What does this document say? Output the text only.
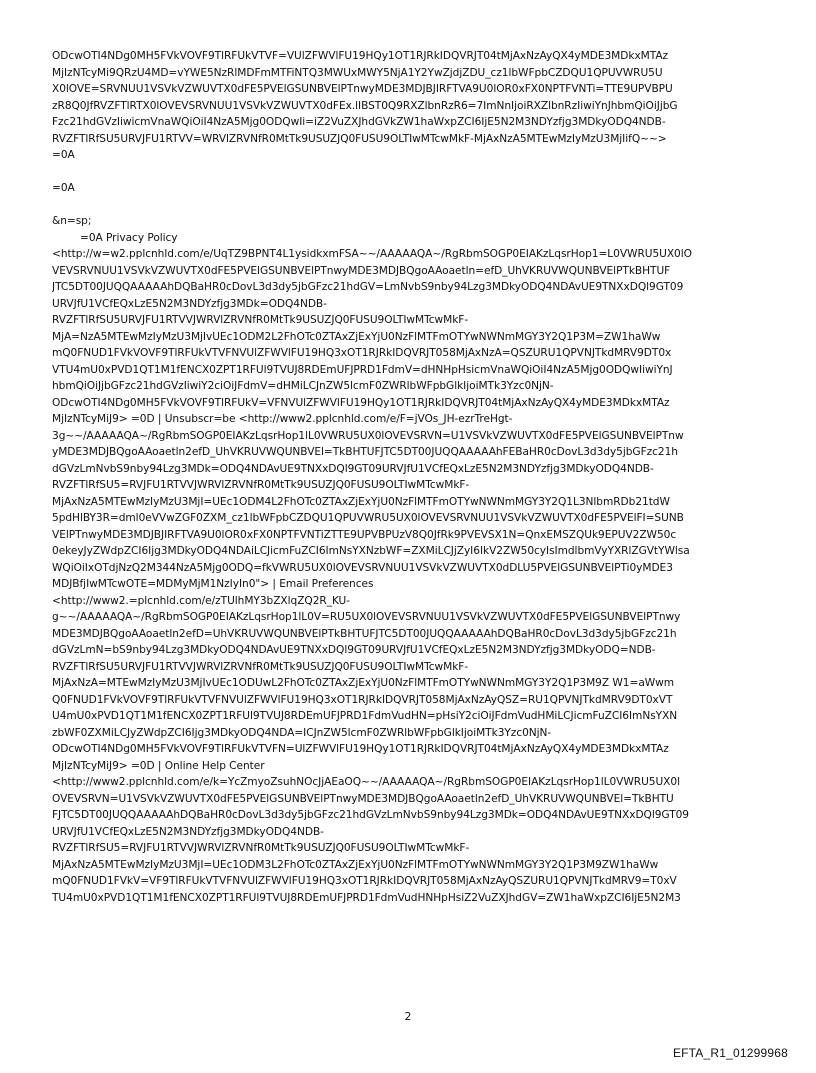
ODcwOTI4NDg0MH5FVkVOVF9TlRFUkVTVF=VUlZFWVlFU19HQy1OT1RJRkIDQVRJT04tMjAxNzAyQX4yMDE3MDkxMTAz
MjIzNTcyMi9QRzU4MD=vYWE5NzRlMDFmMTFiNTQ3MWUxMWY5NjA1Y2YwZjdjZDU_cz1lbWFpbCZDQU1QPUVWRU5U
X0lOVE=SRVNUU1VSVkVZWUVTX0dFE5PVElGSUNBVElPTnwyMDE3MDJBJIRFTVA9U0lOR0xFX0NPTFVNTi=TTE9UPVBPU
zR8Q0JfRVZFTlRTX0lOVEVSRVNUU1VSVkVZWUVTX0dFEx.lIBST0Q9RXZlbnRzR6=7ImNnIjoiRXZlbnRzIiwiYnJhbmQiOiJjbG
Fzc21hdGVzIiwicmVnaWQiOiI4NzA5Mjg0ODQwIi=iZ2VuZXJhdGVkZW1haWxpZCI6IjE5N2M3NDYzfjg3MDkyODQ4NDB-
RVZFTlRfSU5URVJFU1RTVV=WRVlZRVNfR0MtTk9USUZJQ0FUSU9OLTIwMTcwMkF-MjAxNzA5MTEwMzIyMzU3MjIifQ~~>
=0A
=0A
&n=sp;
=0A Privacy Policy
<http://w=w2.pplcnhld.com/e/UqTZ9BPNT4L1ysidkxmFSA~~/AAAAAQA~/RgRbmSOGP0EIAKzLqsrHop1=L0VWRU5UX0lO
VEVSRVNUU1VSVkVZWUVTX0dFE5PVElGSUNBVElPTnwyMDE3MDJBQgoAAoaetln=efD_UhVKRUVWQUNBVElPTkBHTUF
JTC5DT00JUQQAAAAAhDQBaHR0cDovL3d3dy5jbGFzc21hdGV=LmNvbS9nby94Lzg3MDkyODQ4NDAvUE9TNXxDQl9GT09
URVJfU1VCfEQxLzE5N2M3NDYzfjg3MDk=ODQ4NDB-
RVZFTlRfSU5URVJFU1RTVVJWRVlZRVNfR0MtTk9USUZJQ0FUSU9OLTIwMTcwMkF-
MjA=NzA5MTEwMzIyMzU3MjIvUEc1ODM2L2FhOTc0ZTAxZjExYjU0NzFlMTFmOTYwNWNmMGY3Y2Q1P3M=ZW1haWw
mQ0FNUD1FVkVOVF9TlRFUkVTVFNVUlZFWVlFU19HQ3xOT1RJRkIDQVRJT058MjAxNzA=QSZURU1QPVNJTkdMRV9DT0x
VTU4mU0xPVD1QT1M1fENCX0ZPT1RFUl9TVUJ8RDEmUFJPRD1FdmV=dHNHpHsicmVnaWQiOiI4NzA5Mjg0ODQwIiwiYnJ
hbmQiOiJjbGFzc21hdGVzIiwiY2ciOiJFdmV=dHMiLCJnZW5lcmF0ZWRlbWFpbGlkIjoiMTk3Yzc0NjN-
ODcwOTI4NDg0MH5FVkVOVF9TlRFUkV=VFNVUlZFWVlFU19HQy1OT1RJRkIDQVRJT04tMjAxNzAyQX4yMDE3MDkxMTAz
MjIzNTcyMiJ9> =0D | Unsubscr=be <http://www2.pplcnhld.com/e/F=jVOs_JH-ezrTreHgt-
3g~~/AAAAAQA~/RgRbmSOGP0EIAKzLqsrHop1lL0VWRU5UX0lOVEVSRVN=U1VSVkVZWUVTX0dFE5PVElGSUNBVElPTnw
yMDE3MDJBQgoAAoaetln2efD_UhVKRUVWQUNBVEl=TkBHTUFJTC5DT00JUQQAAAAAhFEBaHR0cDovL3d3dy5jbGFzc21h
dGVzLmNvbS9nby94Lzg3MDk=ODQ4NDAvUE9TNXxDQl9GT09URVJfU1VCfEQxLzE5N2M3NDYzfjg3MDkyODQ4NDB-
RVZFTlRfSU5=RVJFU1RTVVJWRVlZRVNfR0MtTk9USUZJQ0FUSU9OLTIwMTcwMkF-
MjAxNzA5MTEwMzIyMzU3MjI=UEc1ODM4L2FhOTc0ZTAxZjExYjU0NzFlMTFmOTYwNWNmMGY3Y2Q1L3NlbmRDb21tdW
5pdHlBY3R=dml0eVVwZGF0ZXM_cz1lbWFpbCZDQU1QPUVWRU5UX0lOVEVSRVNUU1VSVkVZWUVTX0dFE5PVElFI=SUNB
VElPTnwyMDE3MDJBJIRFTVA9U0lOR0xFX0NPTFVNTiZTTE9UPVBPUzV8Q0JfRk9PVEVSX1N=QnxEMSZQUk9EPUV2ZW50c
0ekeyJyZWdpZCI6Ijg3MDkyODQ4NDAiLCJicmFuZCI6ImNsYXNzbWF=ZXMiLCJjZyI6IkV2ZW50cyIsImdlbmVyYXRlZGVtYWlsa
WQiOiIxOTdjNzQ2M344NzA5Mjg0ODQ=fkVWRU5UX0lOVEVSRVNUU1VSVkVZWUVTX0dDLU5PVElGSUNBVElPTi0yMDE3
MDJBfjIwMTcwOTE=MDMyMjM1NzIyIn0"> | Email Preferences
<http://www2.=plcnhld.com/e/zTUlhMY3bZXlqZQ2R_KU-
g~~/AAAAAQA~/RgRbmSOGP0EIAKzLqsrHop1lL0V=RU5UX0lOVEVSRVNUU1VSVkVZWUVTX0dFE5PVElGSUNBVElPTnwy
MDE3MDJBQgoAAoaetln2efD=UhVKRUVWQUNBVElPTkBHTUFJTC5DT00JUQQAAAAAhDQBaHR0cDovL3d3dy5jbGFzc21h
dGVzLmN=bS9nby94Lzg3MDkyODQ4NDAvUE9TNXxDQl9GT09URVJfU1VCfEQxLzE5N2M3NDYzfjg3MDkyODQ=NDB-
RVZFTlRfSU5URVJFU1RTVVJWRVlZRVNfR0MtTk9USUZJQ0FUSU9OLTIwMTcwMkF-
MjAxNzA=MTEwMzIyMzU3MjIvUEc1ODUwL2FhOTc0ZTAxZjExYjU0NzFlMTFmOTYwNWNmMGY3Y2Q1P3M9Z W1=aWwm
Q0FNUD1FVkVOVF9TlRFUkVTVFNVUlZFWVlFU19HQ3xOT1RJRkIDQVRJT058MjAxNzAyQSZ=RU1QPVNJTkdMRV9DT0xVT
U4mU0xPVD1QT1M1fENCX0ZPT1RFUl9TVUJ8RDEmUFJPRD1FdmVudHN=pHsiY2ciOiJFdmVudHMiLCJicmFuZCI6ImNsYXN
zbWF0ZXMiLCJyZWdpZCI6Ijg3MDkyODQ4NDA=ICJnZW5lcmF0ZWRlbWFpbGlkIjoiMTk3Yzc0NjN-
ODcwOTI4NDg0MH5FVkVOVF9TlRFUkVTVFN=UlZFWVlFU19HQy1OT1RJRkIDQVRJT04tMjAxNzAyQX4yMDE3MDkxMTAz
MjIzNTcyMiJ9> =0D | Online Help Center
<http://www2.pplcnhld.com/e/k=YcZmyoZsuhNOcJjAEaOQ~~/AAAAAQA~/RgRbmSOGP0EIAKzLqsrHop1lL0VWRU5UX0l
OVEVSRVN=U1VSVkVZWUVTX0dFE5PVElGSUNBVElPTnwyMDE3MDJBQgoAAoaetln2efD_UhVKRUVWQUNBVEl=TkBHTU
FJTC5DT00JUQQAAAAAhDQBaHR0cDovL3d3dy5jbGFzc21hdGVzLmNvbS9nby94Lzg3MDk=ODQ4NDAvUE9TNXxDQl9GT09
URVJfU1VCfEQxLzE5N2M3NDYzfjg3MDkyODQ4NDB-
RVZFTlRfSU5=RVJFU1RTVVJWRVlZRVNfR0MtTk9USUZJQ0FUSU9OLTIwMTcwMkF-
MjAxNzA5MTEwMzIyMzU3MjI=UEc1ODM3L2FhOTc0ZTAxZjExYjU0NzFlMTFmOTYwNWNmMGY3Y2Q1P3M9ZW1haWw
mQ0FNUD1FVkV=VF9TlRFUkVTVFNVUlZFWVlFU19HQ3xOT1RJRkIDQVRJT058MjAxNzAyQSZURU1QPVNJTkdMRV9=T0xV
TU4mU0xPVD1QT1M1fENCX0ZPT1RFUl9TVUJ8RDEmUFJPRD1FdmVudHNHpHsiZ2VuZXJhdGV=ZW1haWxpZCI6IjE5N2M3
2
EFTA_R1_01299968
